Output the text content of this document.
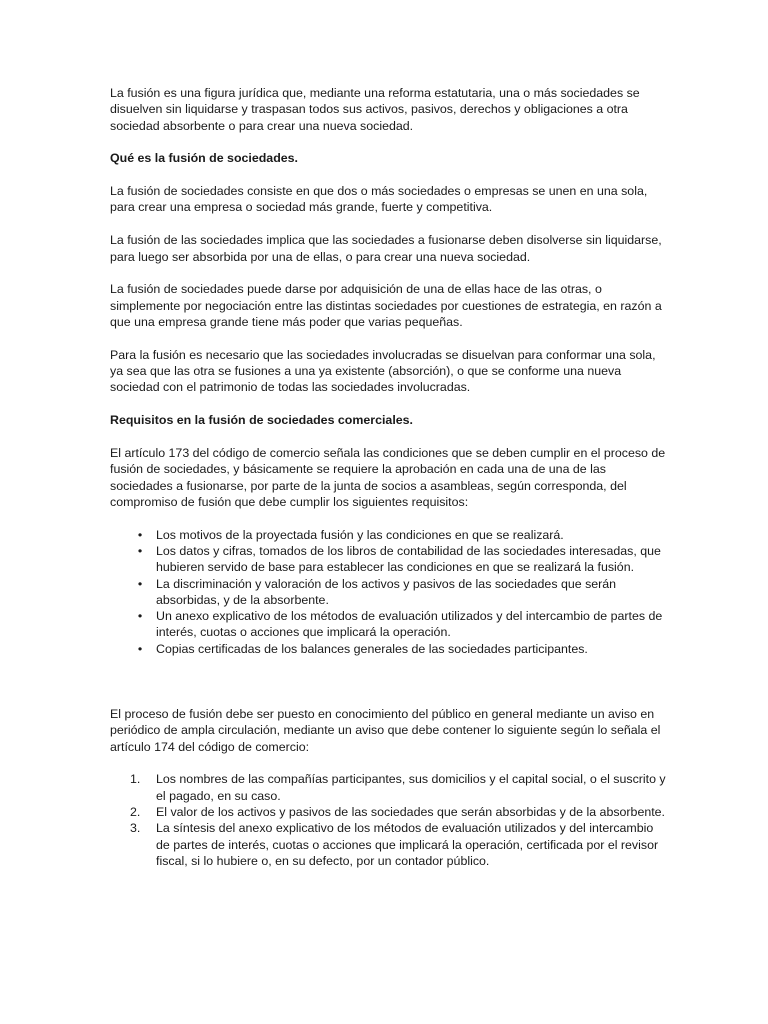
La fusión es una figura jurídica que, mediante una reforma estatutaria, una o más sociedades se disuelven sin liquidarse y traspasan todos sus activos, pasivos, derechos y obligaciones a otra sociedad absorbente o para crear una nueva sociedad.

Qué es la fusión de sociedades.

La fusión de sociedades consiste en que dos o más sociedades o empresas se unen en una sola, para crear una empresa o sociedad más grande, fuerte y competitiva.

La fusión de las sociedades implica que las sociedades a fusionarse deben disolverse sin liquidarse, para luego ser absorbida por una de ellas, o para crear una nueva sociedad.

La fusión de sociedades puede darse por adquisición de una de ellas hace de las otras, o simplemente por negociación entre las distintas sociedades por cuestiones de estrategia, en razón a que una empresa grande tiene más poder que varias pequeñas.

Para la fusión es necesario que las sociedades involucradas se disuelvan para conformar una sola, ya sea que las otra se fusiones a una ya existente (absorción), o que se conforme una nueva sociedad con el patrimonio de todas las sociedades involucradas.

Requisitos en la fusión de sociedades comerciales.

El artículo 173 del código de comercio señala las condiciones que se deben cumplir en el proceso de fusión de sociedades, y básicamente se requiere la aprobación en cada una de una de las sociedades a fusionarse, por parte de la junta de socios a asambleas, según corresponda, del compromiso de fusión que debe cumplir los siguientes requisitos:

•	Los motivos de la proyectada fusión y las condiciones en que se realizará.
•	Los datos y cifras, tomados de los libros de contabilidad de las sociedades interesadas, que hubieren servido de base para establecer las condiciones en que se realizará la fusión.
•	La discriminación y valoración de los activos y pasivos de las sociedades que serán absorbidas, y de la absorbente.
•	Un anexo explicativo de los métodos de evaluación utilizados y del intercambio de partes de interés, cuotas o acciones que implicará la operación.
•	Copias certificadas de los balances generales de las sociedades participantes.

El proceso de fusión debe ser puesto en conocimiento del público en general mediante un aviso en periódico de ampla circulación, mediante un aviso que debe contener lo siguiente según lo señala el artículo 174 del código de comercio:

1.	Los nombres de las compañías participantes, sus domicilios y el capital social, o el suscrito y el pagado, en su caso.
2.	El valor de los activos y pasivos de las sociedades que serán absorbidas y de la absorbente.
3.	La síntesis del anexo explicativo de los métodos de evaluación utilizados y del intercambio de partes de interés, cuotas o acciones que implicará la operación, certificada por el revisor fiscal, si lo hubiere o, en su defecto, por un contador público.
